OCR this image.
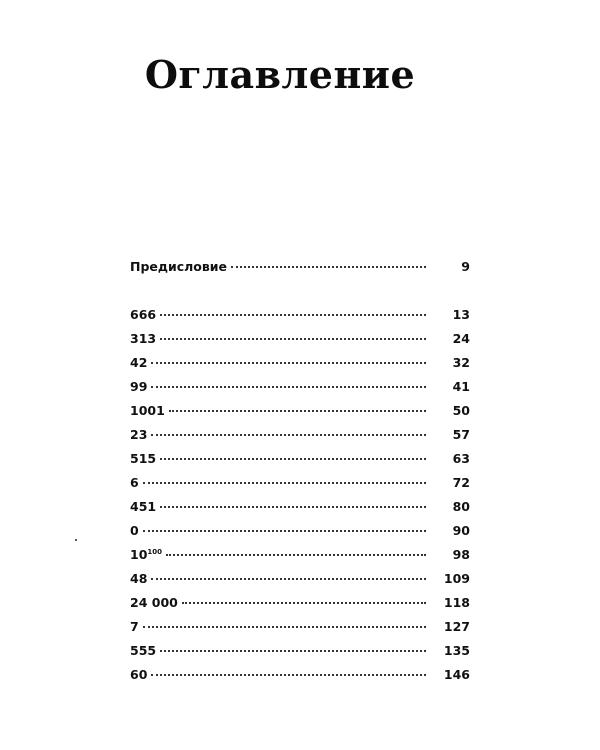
Оглавление
Предисловие	9
666	13
313	24
42	32
99	41
1001	50
23	57
515	63
6	72
451	80
0	90
$10^{100}$	98
48	109
24 000	118
7	127
555	135
60	146
